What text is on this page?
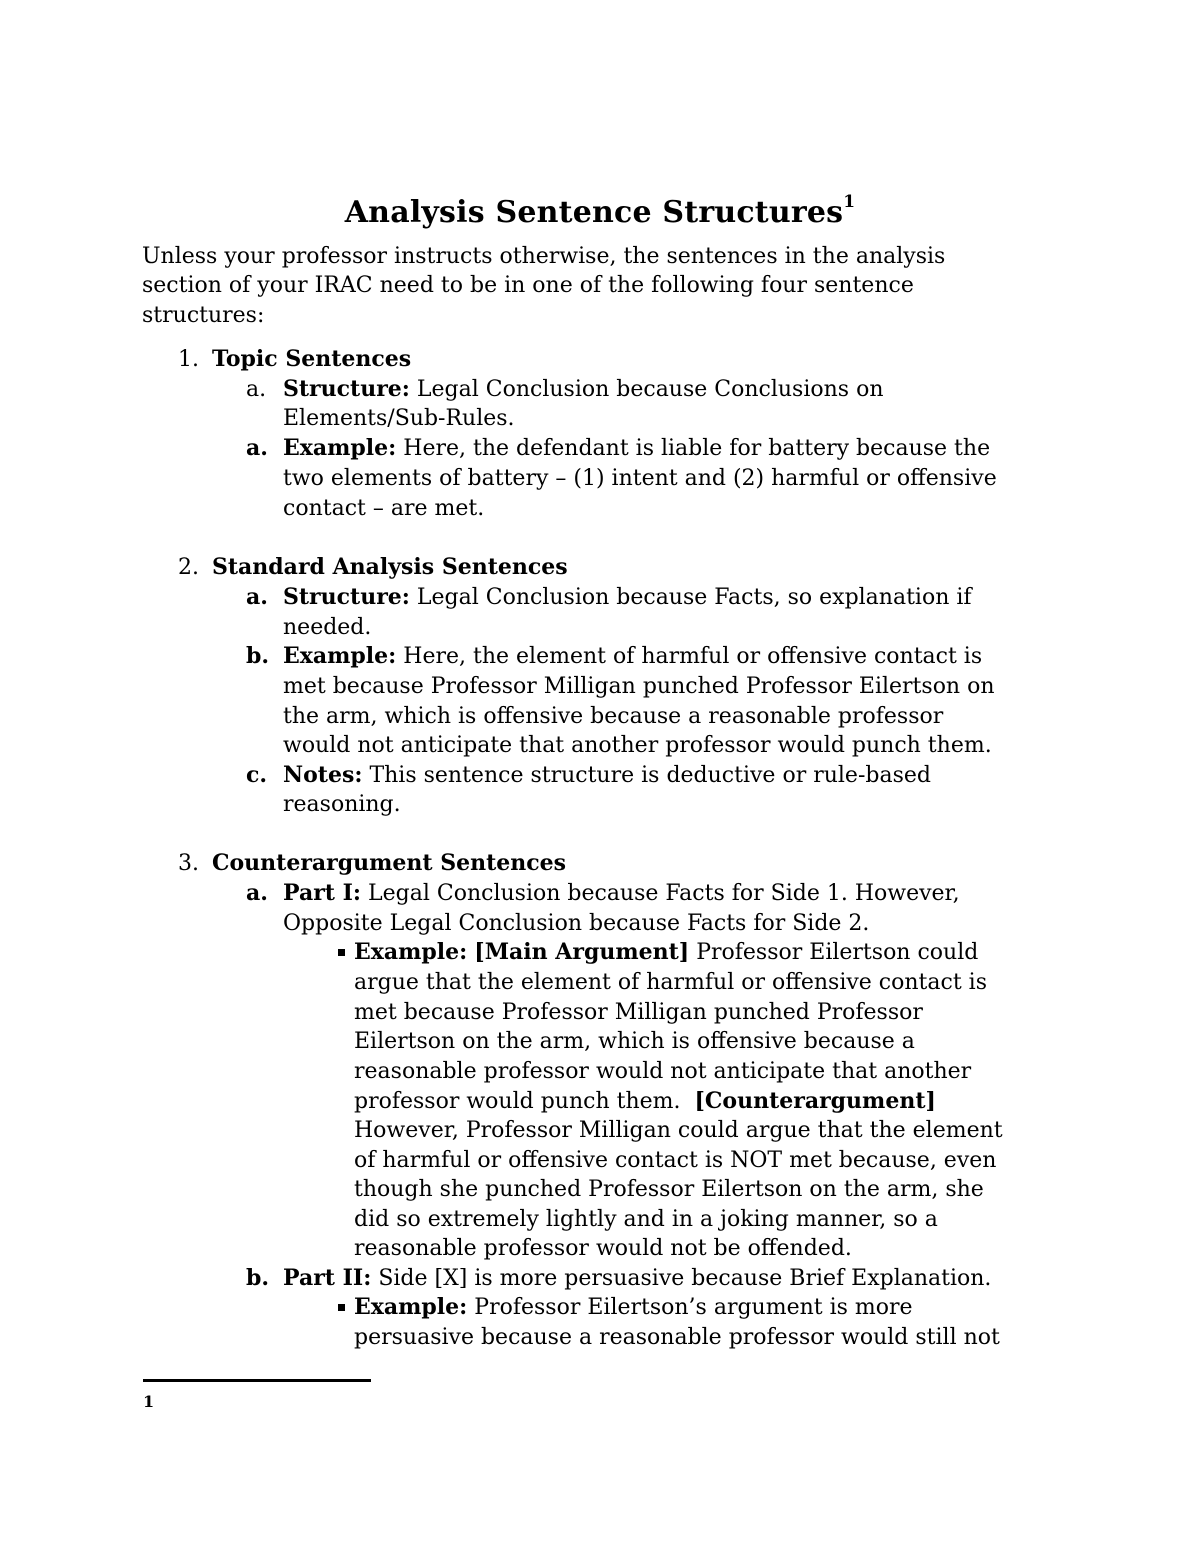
Analysis Sentence Structures$^1$
Unless your professor instructs otherwise, the sentences in the analysis
section of your IRAC need to be in one of the following four sentence
structures:
1. Topic Sentences
a. Structure: Legal Conclusion because Conclusions on
Elements/Sub-Rules.
a. Example: Here, the defendant is liable for battery because the
two elements of battery – (1) intent and (2) harmful or offensive
contact – are met.
2. Standard Analysis Sentences
a. Structure: Legal Conclusion because Facts, so explanation if
needed.
b. Example: Here, the element of harmful or offensive contact is
met because Professor Milligan punched Professor Eilertson on
the arm, which is offensive because a reasonable professor
would not anticipate that another professor would punch them.
c. Notes: This sentence structure is deductive or rule-based
reasoning.
3. Counterargument Sentences
a. Part I: Legal Conclusion because Facts for Side 1. However,
Opposite Legal Conclusion because Facts for Side 2.
Example: [Main Argument] Professor Eilertson could
argue that the element of harmful or offensive contact is
met because Professor Milligan punched Professor
Eilertson on the arm, which is offensive because a
reasonable professor would not anticipate that another
professor would punch them. [Counterargument]
However, Professor Milligan could argue that the element
of harmful or offensive contact is NOT met because, even
though she punched Professor Eilertson on the arm, she
did so extremely lightly and in a joking manner, so a
reasonable professor would not be offended.
b. Part II: Side [X] is more persuasive because Brief Explanation.
Example: Professor Eilertson’s argument is more
persuasive because a reasonable professor would still not
1
